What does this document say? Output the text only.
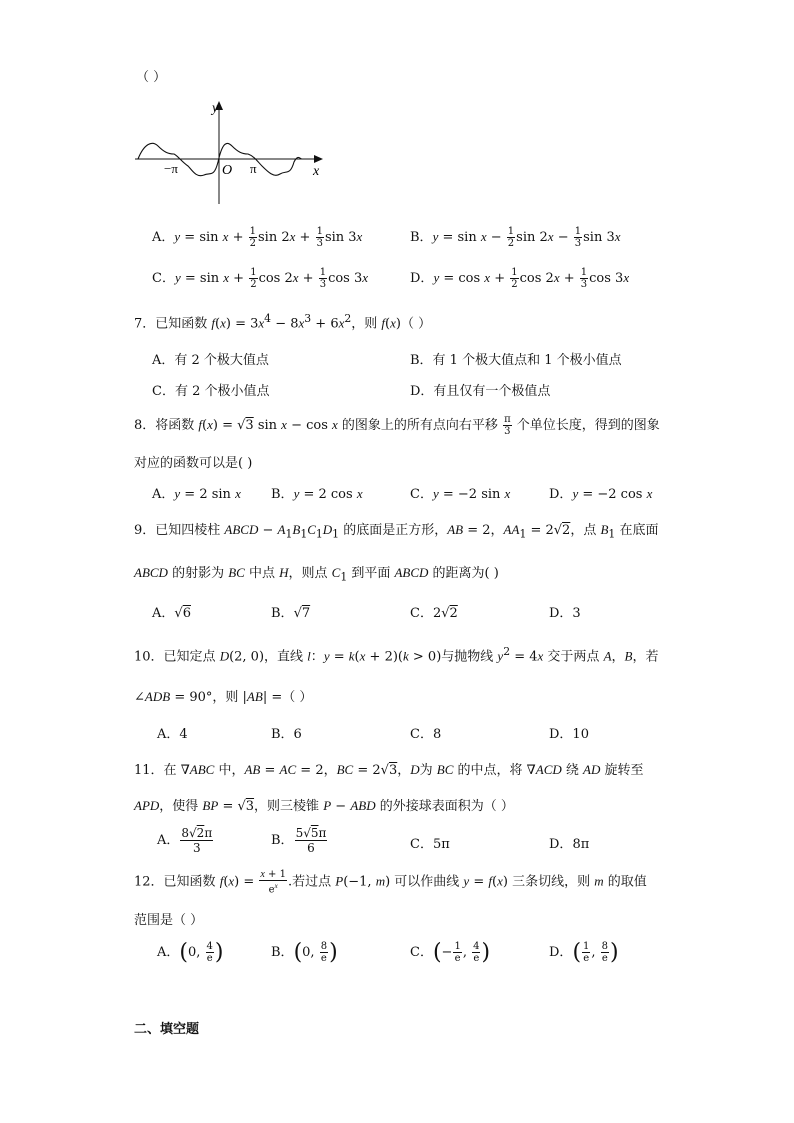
（ ）
y
x
O
−π	π
A．$y = \sin x + \frac{1}{2}$ $\sin 2x + \frac{1}{3}$ sin 3x	B．$y = \sin x - \frac{1}{2}$ $\sin 2x - \frac{1}{3}$ sin 3x
C．$y = \sin x + \frac{1}{2}$ $\cos 2x + \frac{1}{3}$ cos 3x	D．$y = \cos x + \frac{1}{2}$ $\cos 2x + \frac{1}{3}$ cos 3x
7．已知函数 $f(x) = 3x^4 - 8x^3 + 6x^2$，则 f(x)（ ）
A．有 2 个极大值点	B．有 1 个极大值点和 1 个极小值点
C．有 2 个极小值点	D．有且仅有一个极值点
8．将函数 f(x) = √3 sin x − cos x 的图象上的所有点向右平移 $\frac{\pi}{3}$ 个单位长度，得到的图象
对应的函数可以是( )
A．y = 2 sin x B．y = 2 cos x	C．y = −2 sin x	D．y = −2 cos x
9．已知四棱柱 ABCD − $A_1B_1C_1D_1$ 的底面是正方形，AB = 2，$AA_1 = 2√2$，点 $B_1$ 在底面
ABCD 的射影为 BC 中点 H，则点 $C_1$ 到平面 ABCD 的距离为( )
A．√6	B．√7	C．2√2	D．3
10．已知定点 D(2, 0)，直线 l：y = k(x + 2)(k > 0)与抛物线 $y^2 = 4x$ 交于两点 A，B，若
∠ADB = 90°，则 |AB| =（ ）
A．4	B．6	C．8	D．10
11．在 ∇ABC 中，AB = AC = 2，BC = 2√3，D为 BC 的中点，将 ∇ACD 绕 AD 旋转至
APD，使得 BP = √3，则三棱锥 P − ABD 的外接球表面积为（ ）
A． $\frac{8√2\pi}{3}$	B． $\frac{5√5\pi}{6}$	C．5π	D．8π
12．已知函数 $f(x) = \frac{x + 1}{e^x}$ .若过点 P(−1, m) 可以作曲线 y = f(x) 三条切线，则 m 的取值
范围是（ ）
A．(0, $\frac{4}{e}$ )	B．(0, $\frac{8}{e}$ )	C．(− $\frac{1}{e}$ , $\frac{4}{e}$ )	D．( $\frac{1}{e}$ , $\frac{8}{e}$ )
二、填空题
